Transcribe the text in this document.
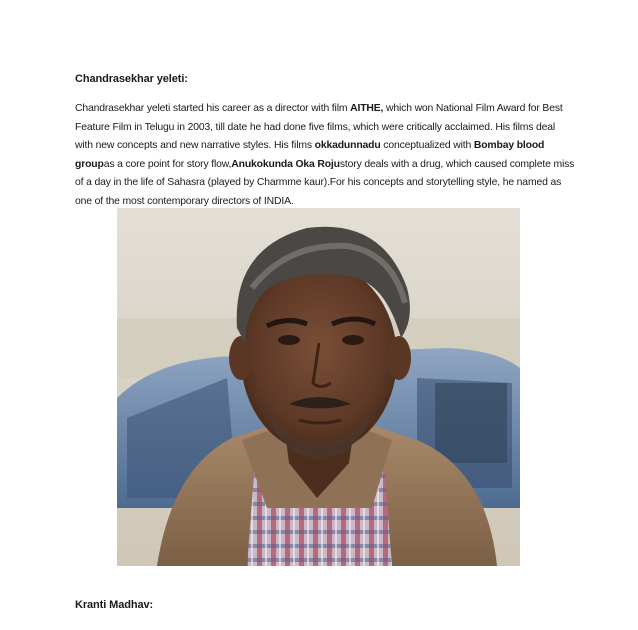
Chandrasekhar yeleti:
Chandrasekhar yeleti started his career as a director with film AITHE, which won National Film Award for Best Feature Film in Telugu in 2003, till date he had done five films, which were critically acclaimed. His films deal with new concepts and new narrative styles. His films okkadunnadu conceptualized with Bombay blood groupas a core point for story flow,Anukokunda Oka Rojustory deals with a drug, which caused complete miss of a day in the life of Sahasra (played by Charmme kaur).For his concepts and storytelling style, he named as one of the most contemporary directors of INDIA.
Kranti Madhav:
